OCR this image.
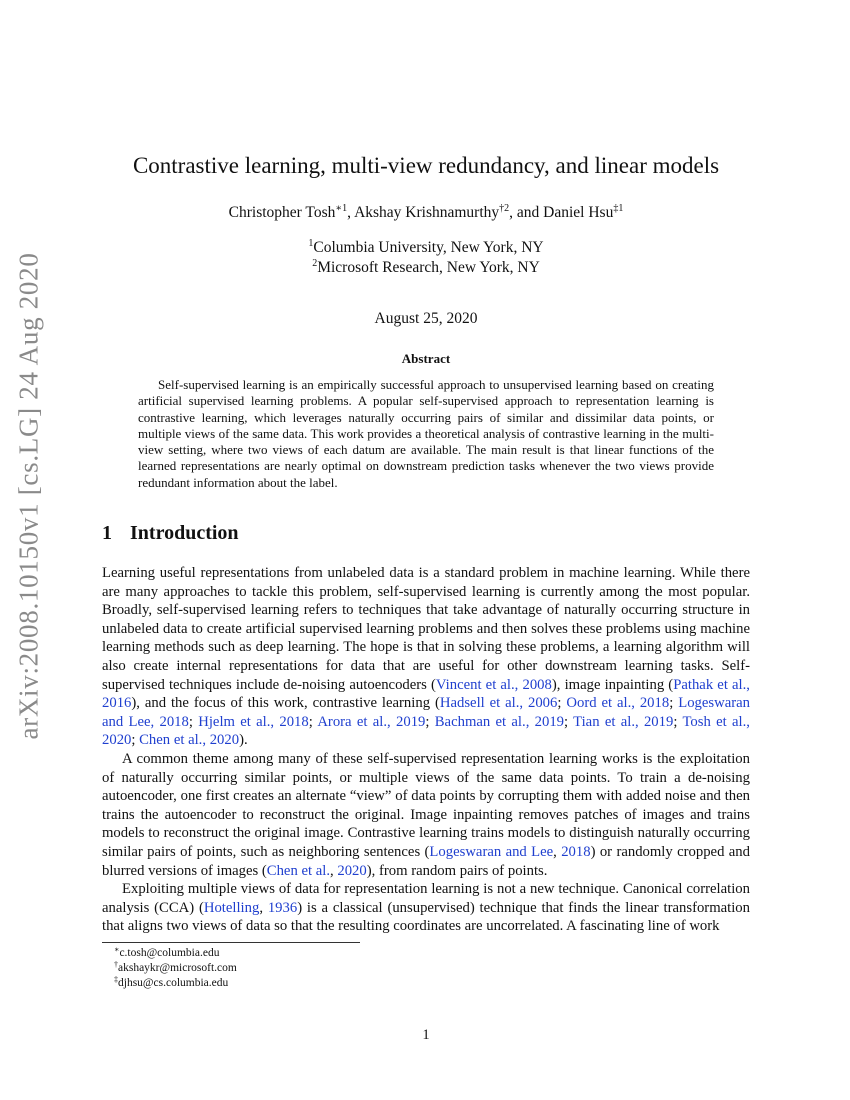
arXiv:2008.10150v1 [cs.LG] 24 Aug 2020
Contrastive learning, multi-view redundancy, and linear models
Christopher Tosh$^{∗1}$, Akshay Krishnamurthy$^{\dagger 2}$, and Daniel Hsu$^{\ddagger 1}$
$^1$Columbia University, New York, NY
$^2$Microsoft Research, New York, NY
August 25, 2020
Abstract

Self-supervised learning is an empirically successful approach to unsupervised learning based on creating artificial supervised learning problems. A popular self-supervised approach to representation learning is contrastive learning, which leverages naturally occurring pairs of similar and dissimilar data points, or multiple views of the same data. This work provides a theoretical analysis of contrastive learning in the multi-view setting, where two views of each datum are available. The main result is that linear functions of the learned representations are nearly optimal on downstream prediction tasks whenever the two views provide redundant information about the label.

1 Introduction

Learning useful representations from unlabeled data is a standard problem in machine learning. While there are many approaches to tackle this problem, self-supervised learning is currently among the most popular. Broadly, self-supervised learning refers to techniques that take advantage of naturally occurring structure in unlabeled data to create artificial supervised learning problems and then solves these problems using machine learning methods such as deep learning. The hope is that in solving these problems, a learning algorithm will also create internal representations for data that are useful for other downstream learning tasks. Self-supervised techniques include de-noising autoencoders (Vincent et al., 2008), image inpainting (Pathak et al., 2016), and the focus of this work, contrastive learning (Hadsell et al., 2006; Oord et al., 2018; Logeswaran and Lee, 2018; Hjelm et al., 2018; Arora et al., 2019; Bachman et al., 2019; Tian et al., 2019; Tosh et al., 2020; Chen et al., 2020).

A common theme among many of these self-supervised representation learning works is the exploitation of naturally occurring similar points, or multiple views of the same data points. To train a de-noising autoencoder, one first creates an alternate “view” of data points by corrupting them with added noise and then trains the autoencoder to reconstruct the original. Image inpainting removes patches of images and trains models to reconstruct the original image. Contrastive learning trains models to distinguish naturally occurring similar pairs of points, such as neighboring sentences (Logeswaran and Lee, 2018) or randomly cropped and blurred versions of images (Chen et al., 2020), from random pairs of points.

Exploiting multiple views of data for representation learning is not a new technique. Canonical correlation analysis (CCA) (Hotelling, 1936) is a classical (unsupervised) technique that finds the linear transformation that aligns two views of data so that the resulting coordinates are uncorrelated. A fascinating line of work

∗c.tosh@columbia.edu
†akshaykr@microsoft.com
‡djhsu@cs.columbia.edu
1
